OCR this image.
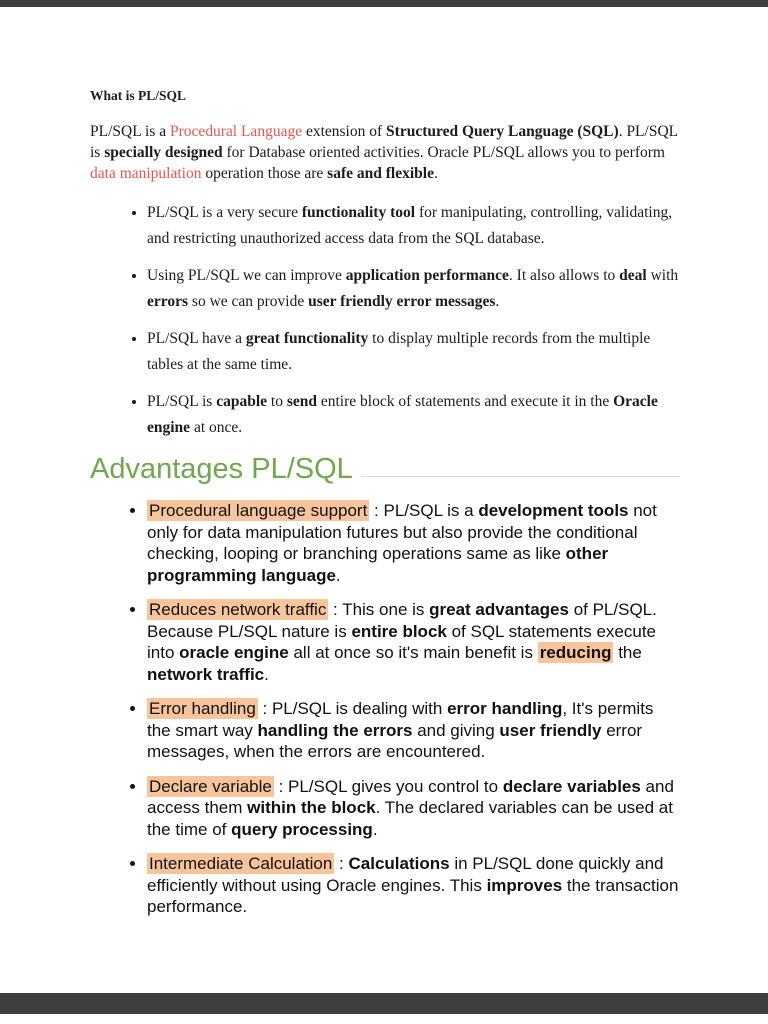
What is PL/SQL

PL/SQL is a Procedural Language extension of Structured Query Language (SQL). PL/SQL is specially designed for Database oriented activities. Oracle PL/SQL allows you to perform data manipulation operation those are safe and flexible.

• PL/SQL is a very secure functionality tool for manipulating, controlling, validating, and restricting unauthorized access data from the SQL database.
• Using PL/SQL we can improve application performance. It also allows to deal with errors so we can provide user friendly error messages.
• PL/SQL have a great functionality to display multiple records from the multiple tables at the same time.
• PL/SQL is capable to send entire block of statements and execute it in the Oracle engine at once.
Advantages PL/SQL
• Procedural language support : PL/SQL is a development tools not only for data manipulation futures but also provide the conditional checking, looping or branching operations same as like other programming language.
• Reduces network traffic : This one is great advantages of PL/SQL. Because PL/SQL nature is entire block of SQL statements execute into oracle engine all at once so it's main benefit is reducing the network traffic.
• Error handling : PL/SQL is dealing with error handling, It's permits the smart way handling the errors and giving user friendly error messages, when the errors are encountered.
• Declare variable : PL/SQL gives you control to declare variables and access them within the block. The declared variables can be used at the time of query processing.
• Intermediate Calculation : Calculations in PL/SQL done quickly and efficiently without using Oracle engines. This improves the transaction performance.
